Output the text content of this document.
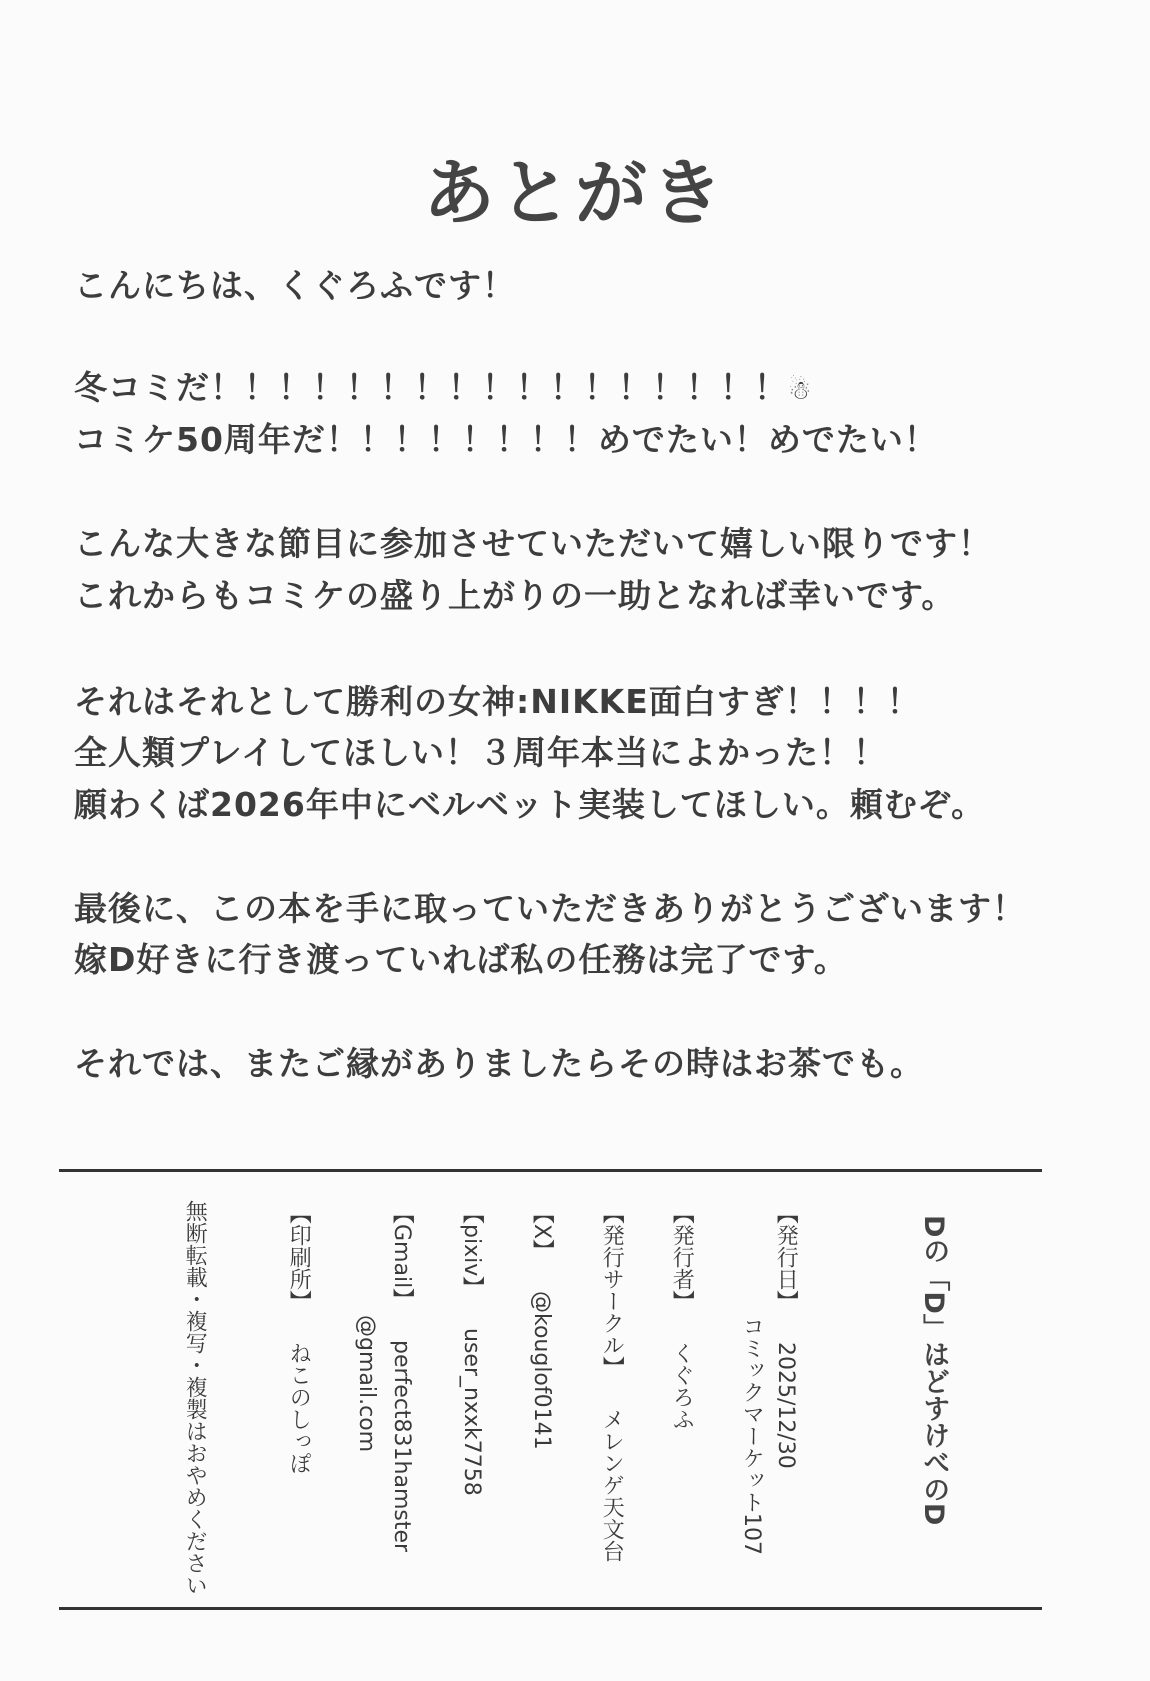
あとがき
こんにちは、くぐろふです！
冬コミだ！！！！！！！！！！！！！！！！！☃
コミケ50周年だ！！！！！！！！めでたい！めでたい！
こんな大きな節目に参加させていただいて嬉しい限りです！
これからもコミケの盛り上がりの一助となれば幸いです。
それはそれとして勝利の女神:NIKKE面白すぎ！！！！
全人類プレイしてほしい！３周年本当によかった！！
願わくば2026年中にベルベット実装してほしい。頼むぞ。
最後に、この本を手に取っていただきありがとうございます！
嫁D好きに行き渡っていれば私の任務は完了です。
それでは、またご縁がありましたらその時はお茶でも。
Dの「D」はどすけべのD
【発行日】2025/12/30
コミックマーケット107
【発行者】くぐろふ
【発行サークル】メレンゲ天文台
【X】@kouglof0141
【pixiv】user_nxxk7758
【Gmail】perfect831hamster
@gmail.com
【印刷所】ねこのしっぽ
無断転載・複写・複製はおやめください
